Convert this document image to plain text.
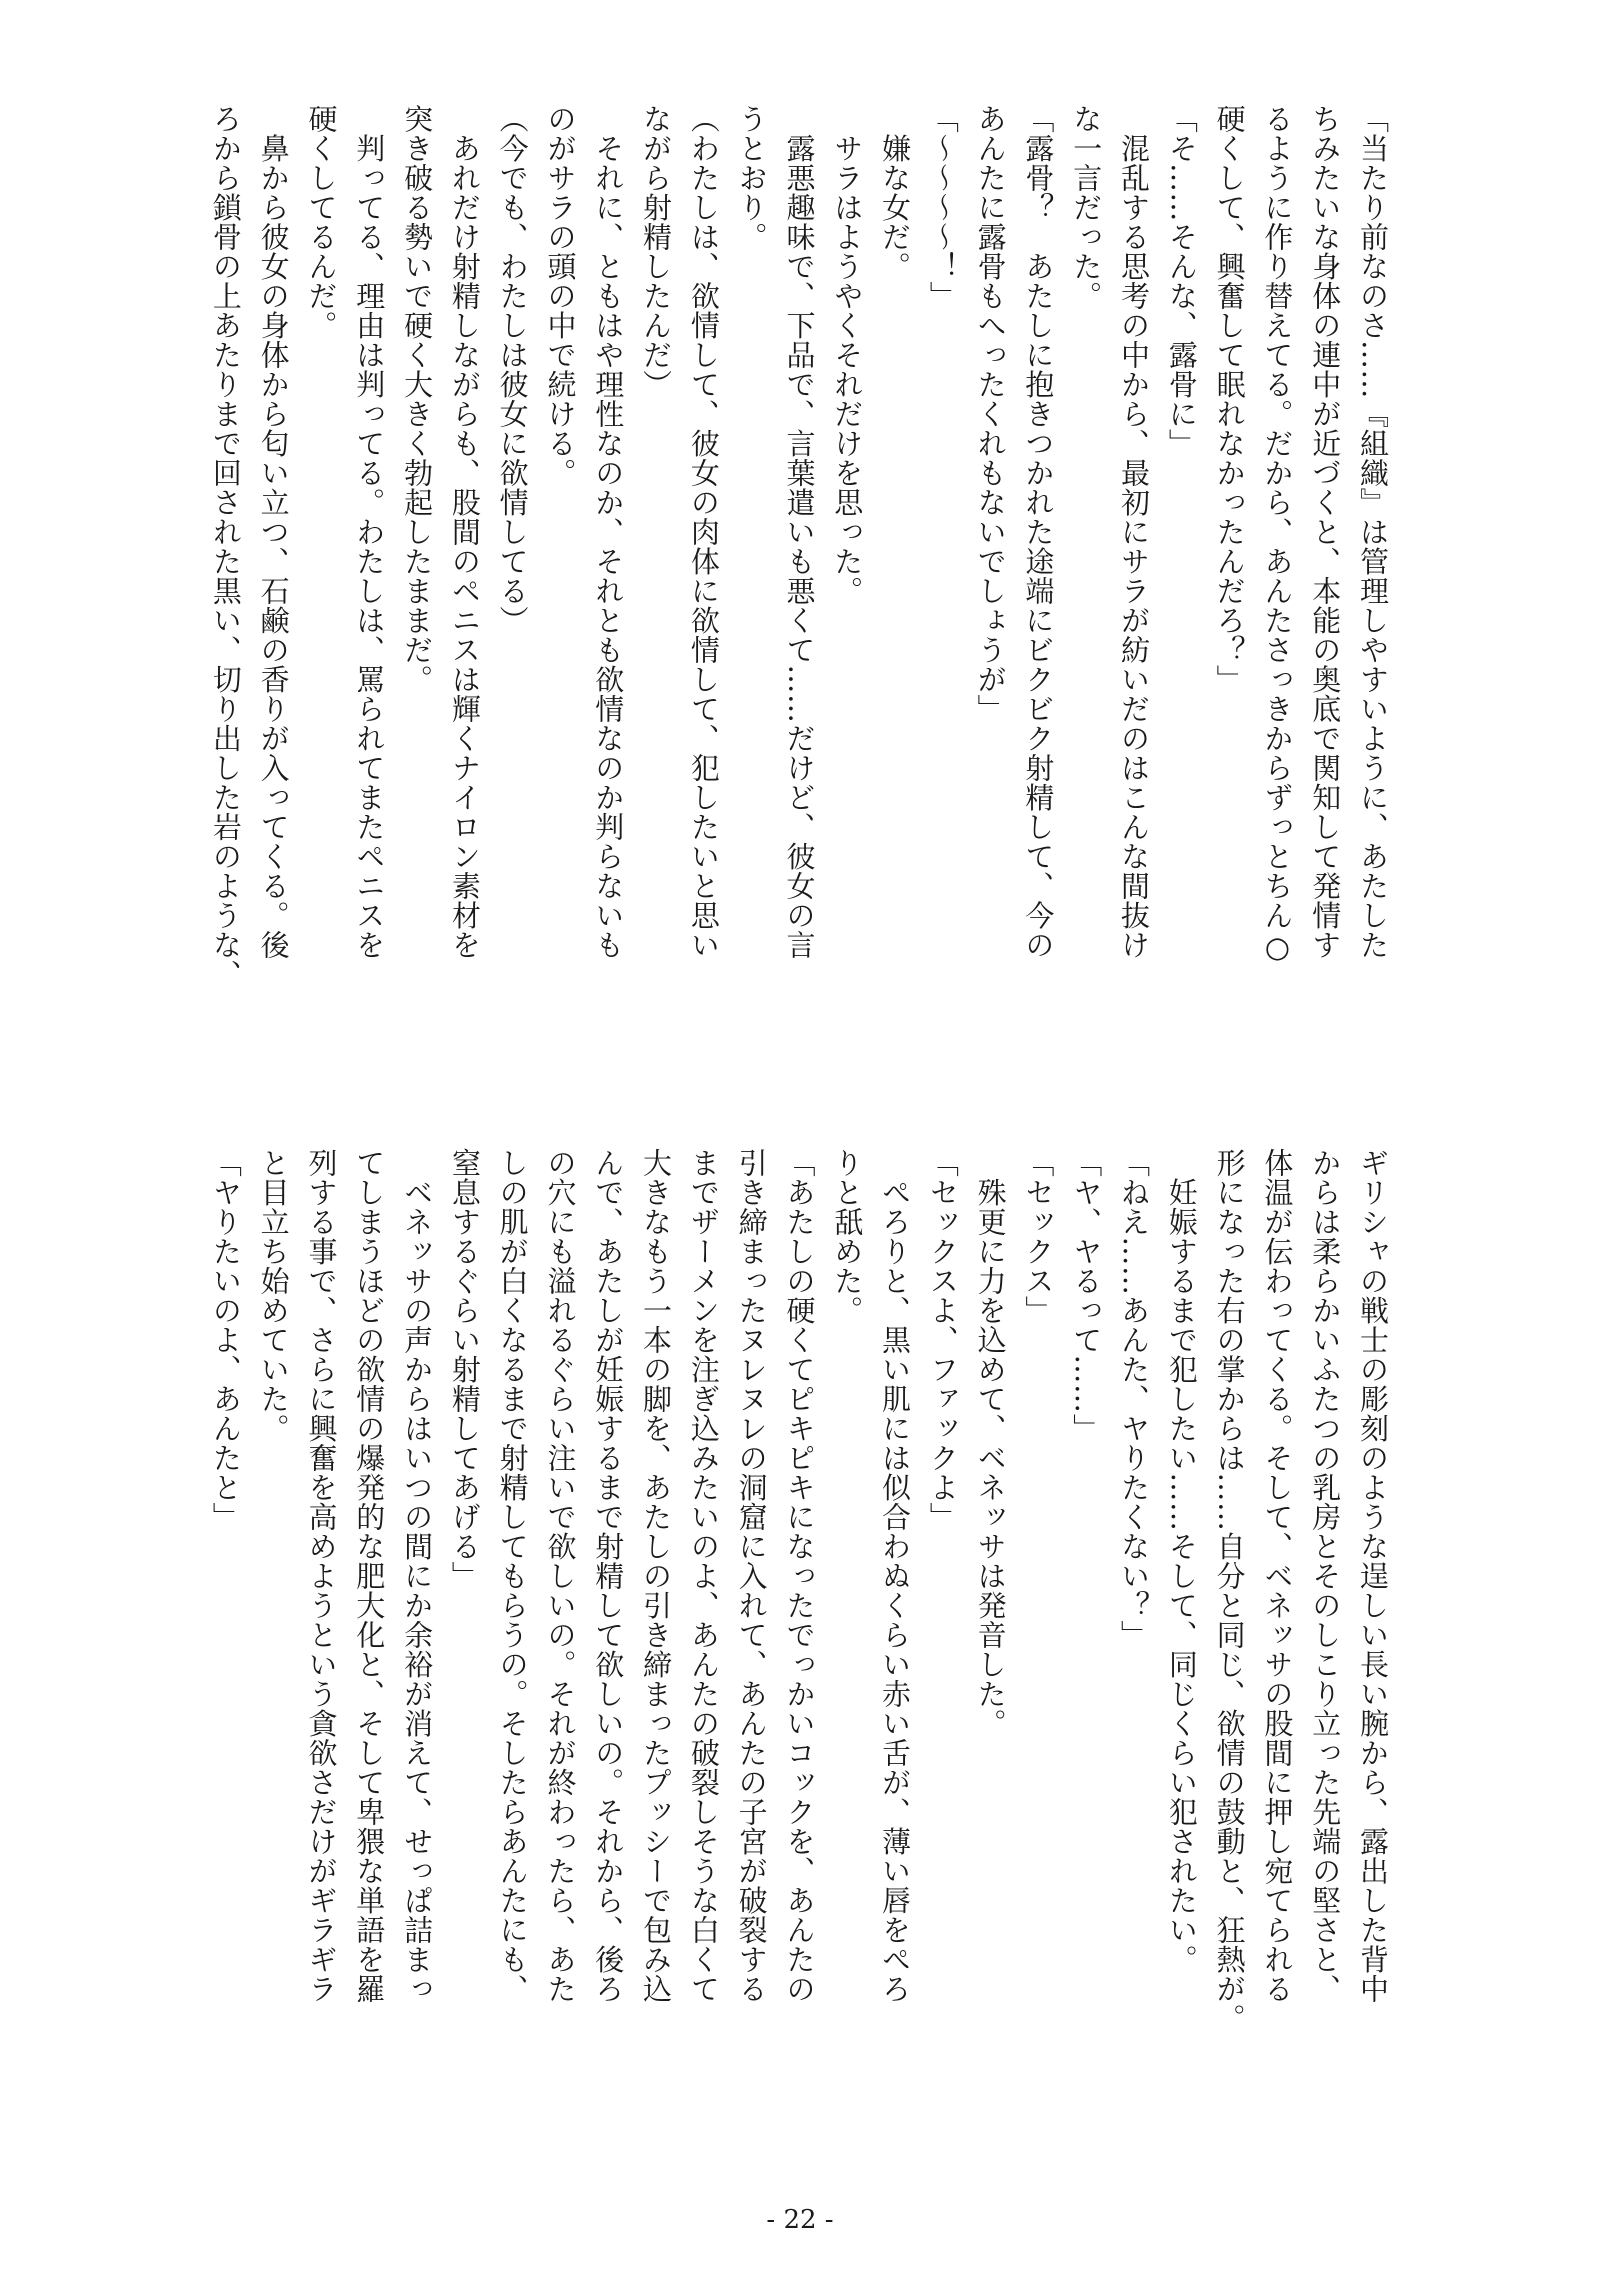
「当たり前なのさ……『組織』は管理しやすいように、あたした
ちみたいな身体の連中が近づくと、本能の奥底で関知して発情す
るように作り替えてる。だから、あんたさっきからずっとちん○
硬くして、興奮して眠れなかったんだろ？」
「そ……そんな、露骨に」
　混乱する思考の中から、最初にサラが紡いだのはこんな間抜け
な一言だった。
「露骨？　あたしに抱きつかれた途端にビクビク射精して、今の
あんたに露骨もへったくれもないでしょうが」
「～～～～！」
　嫌な女だ。
　サラはようやくそれだけを思った。
　露悪趣味で、下品で、言葉遣いも悪くて……だけど、彼女の言
うとおり。
（わたしは、欲情して、彼女の肉体に欲情して、犯したいと思い
ながら射精したんだ）
　それに、ともはや理性なのか、それとも欲情なのか判らないも
のがサラの頭の中で続ける。
（今でも、わたしは彼女に欲情してる）
　あれだけ射精しながらも、股間のペニスは輝くナイロン素材を
突き破る勢いで硬く大きく勃起したままだ。
　判ってる、理由は判ってる。わたしは、罵られてまたペニスを
硬くしてるんだ。
　鼻から彼女の身体から匂い立つ、石鹸の香りが入ってくる。後
ろから鎖骨の上あたりまで回された黒い、切り出した岩のような、
ギリシャの戦士の彫刻のような逞しい長い腕から、露出した背中
からは柔らかいふたつの乳房とそのしこり立った先端の堅さと、
体温が伝わってくる。そして、ベネッサの股間に押し宛てられる
形になった右の掌からは……自分と同じ、欲情の鼓動と、狂熱が。
　妊娠するまで犯したい……そして、同じくらい犯されたい。
「ねえ……あんた、ヤりたくない？」
「ヤ、ヤるって……」
「セックス」
　殊更に力を込めて、ベネッサは発音した。
「セックスよ、ファックよ」
　ぺろりと、黒い肌には似合わぬくらい赤い舌が、薄い唇をぺろ
りと舐めた。
「あたしの硬くてピキピキになったでっかいコックを、あんたの
引き締まったヌレヌレの洞窟に入れて、あんたの子宮が破裂する
までザーメンを注ぎ込みたいのよ、あんたの破裂しそうな白くて
大きなもう一本の脚を、あたしの引き締まったプッシーで包み込
んで、あたしが妊娠するまで射精して欲しいの。それから、後ろ
の穴にも溢れるぐらい注いで欲しいの。それが終わったら、あた
しの肌が白くなるまで射精してもらうの。そしたらあんたにも、
窒息するぐらい射精してあげる」
　ベネッサの声からはいつの間にか余裕が消えて、せっぱ詰まっ
てしまうほどの欲情の爆発的な肥大化と、そして卑猥な単語を羅
列する事で、さらに興奮を高めようという貪欲さだけがギラギラ
と目立ち始めていた。
「ヤりたいのよ、あんたと」
- 22 -
